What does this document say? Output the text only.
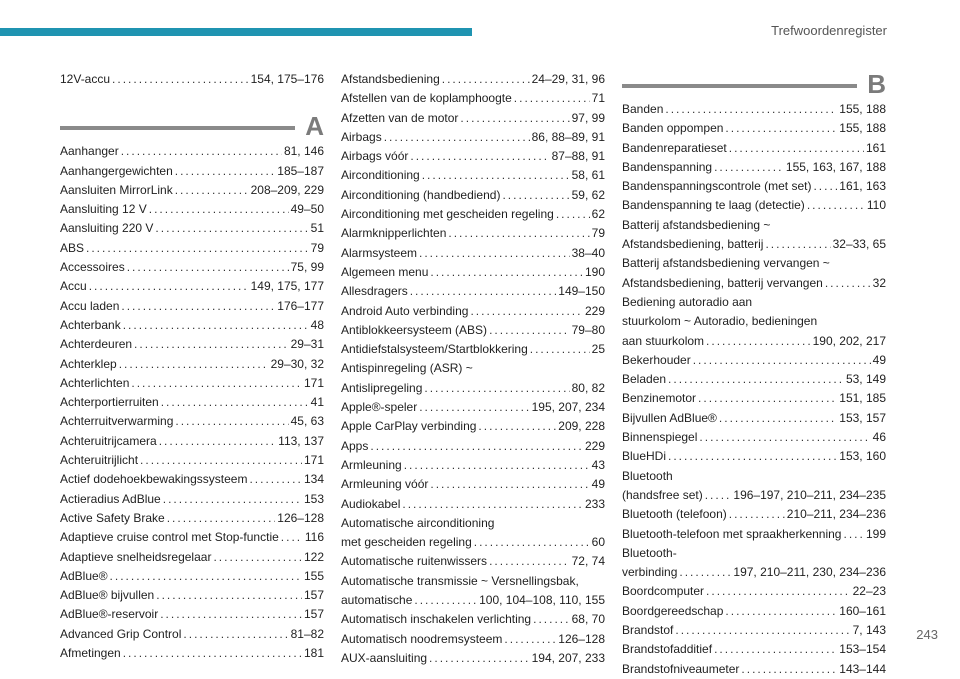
Trefwoordenregister
12V-accu .....	154, 175–176
A
Aanhanger .....	81, 146
Aanhangergewichten .....	185–187
Aansluiten MirrorLink .....	208–209, 229
Aansluiting 12 V .....	49–50
Aansluiting 220 V .....	51
ABS .....	79
Accessoires .....	75, 99
Accu .....	149, 175, 177
Accu laden .....	176–177
Achterbank .....	48
Achterdeuren .....	29–31
Achterklep .....	29–30, 32
Achterlichten .....	171
Achterportierruiten .....	41
Achterruitverwarming .....	45, 63
Achteruitrijcamera .....	113, 137
Achteruitrijlicht .....	171
Actief dodehoekbewakingssysteem .....	134
Actieradius AdBlue .....	153
Active Safety Brake .....	126–128
Adaptieve cruise control met Stop-functie ..... 116
Adaptieve snelheidsregelaar .....	122
AdBlue® .....	155
AdBlue® bijvullen .....	157
AdBlue®-reservoir .....	157
Advanced Grip Control .....	81–82
Afmetingen .....	181
Afstandsbediening .....	24–29, 31, 96
Afstellen van de koplamphoogte .....	71
Afzetten van de motor .....	97, 99
Airbags .....	86, 88–89, 91
Airbags vóór .....	87–88, 91
Airconditioning .....	58, 61
Airconditioning (handbediend) .....	59, 62
Airconditioning met gescheiden regeling .....	62
Alarmknipperlichten .....	79
Alarmsysteem .....	38–40
Algemeen menu .....	190
Allesdragers .....	149–150
Android Auto verbinding .....	229
Antiblokkeersysteem (ABS) .....	79–80
Antidiefstalsysteem/Startblokkering .....	25
Antispinregeling (ASR) ~
Antislipregeling .....	80, 82
Apple®-speler .....	195, 207, 234
Apple CarPlay verbinding .....	209, 228
Apps .....	229
Armleuning .....	43
Armleuning vóór .....	49
Audiokabel .....	233
Automatische airconditioning
met gescheiden regeling .....	60
Automatische ruitenwissers .....	72, 74
Automatische transmissie ~ Versnellingsbak,
automatische .....	100, 104–108, 110, 155
Automatisch inschakelen verlichting .....	68, 70
Automatisch noodremsysteem .....	126–128
AUX-aansluiting .....	194, 207, 233
B
Banden .....	155, 188
Banden oppompen .....	155, 188
Bandenreparatieset .....	161
Bandenspanning .....	155, 163, 167, 188
Bandenspanningscontrole (met set) ..... 161, 163
Bandenspanning te laag (detectie) .....	110
Batterij afstandsbediening ~
Afstandsbediening, batterij .....	32–33, 65
Batterij afstandsbediening vervangen ~
Afstandsbediening, batterij vervangen .....	32
Bediening autoradio aan
stuurkolom ~ Autoradio, bedieningen
aan stuurkolom .....	190, 202, 217
Bekerhouder .....	49
Beladen .....	53, 149
Benzinemotor .....	151, 185
Bijvullen AdBlue® .....	153, 157
Binnenspiegel .....	46
BlueHDi .....	153, 160
Bluetooth
(handsfree set) .....	196–197, 210–211, 234–235
Bluetooth (telefoon) .....	210–211, 234–236
Bluetooth-telefoon met spraakherkenning ..... 199
Bluetooth-
verbinding .....	197, 210–211, 230, 234–236
Boordcomputer .....	22–23
Boordgereedschap .....	160–161
Brandstof .....	7, 143
Brandstofadditief .....	153–154
Brandstofniveaumeter .....	143–144
243
